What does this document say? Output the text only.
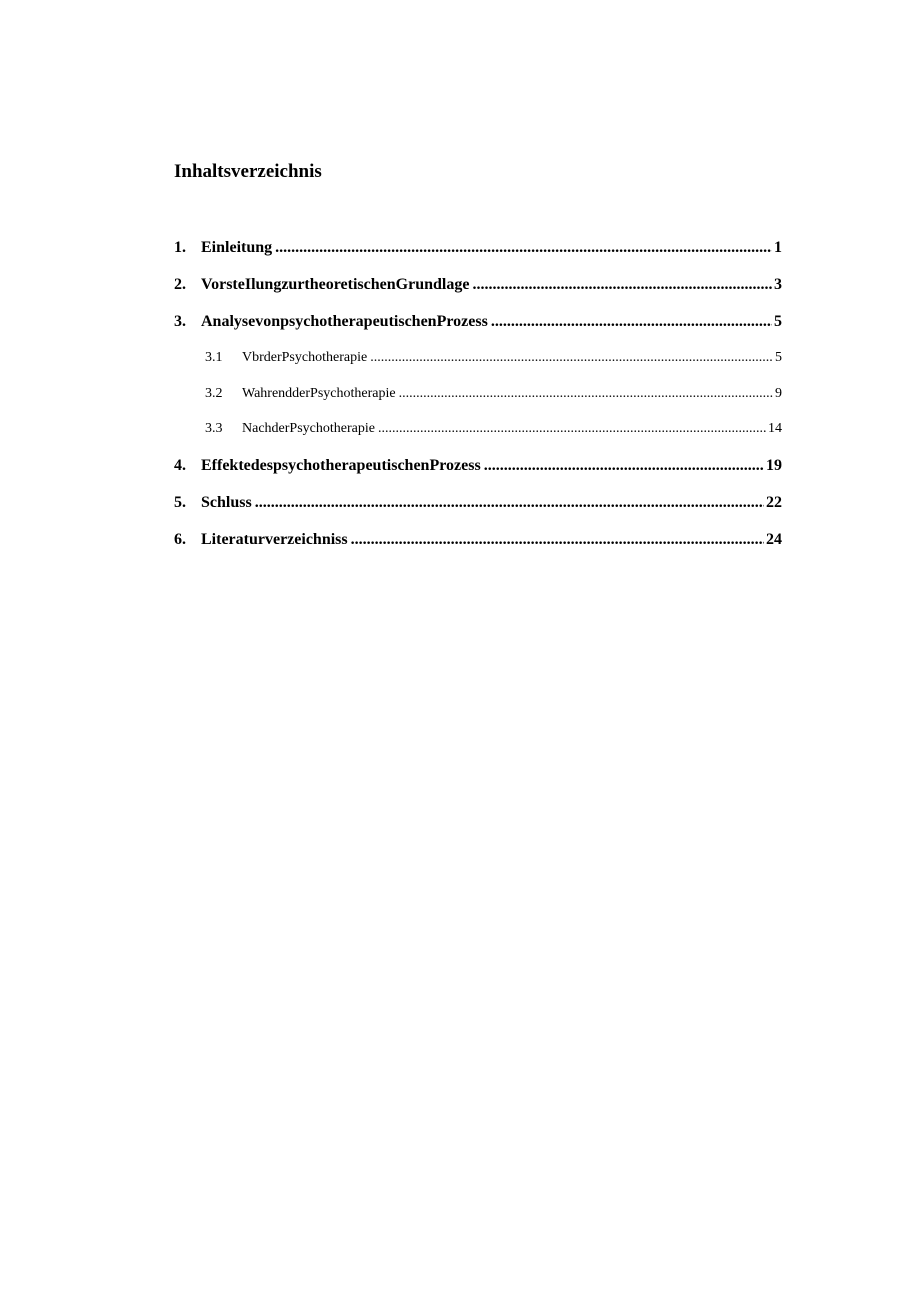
Inhaltsverzeichnis
1. Einleitung .....	1
2. VorsteIlungzurtheoretischenGrundlage .....	3
3. AnalysevonpsychotherapeutischenProzess .....	5
3.1	VbrderPsychotherapie .....	5
3.2	WahrendderPsychotherapie .....	9
3.3	NachderPsychotherapie .....	14
4. EffektedespsychotherapeutischenProzess .....	19
5. Schluss .....	22
6. Literaturverzeichniss .....	24
